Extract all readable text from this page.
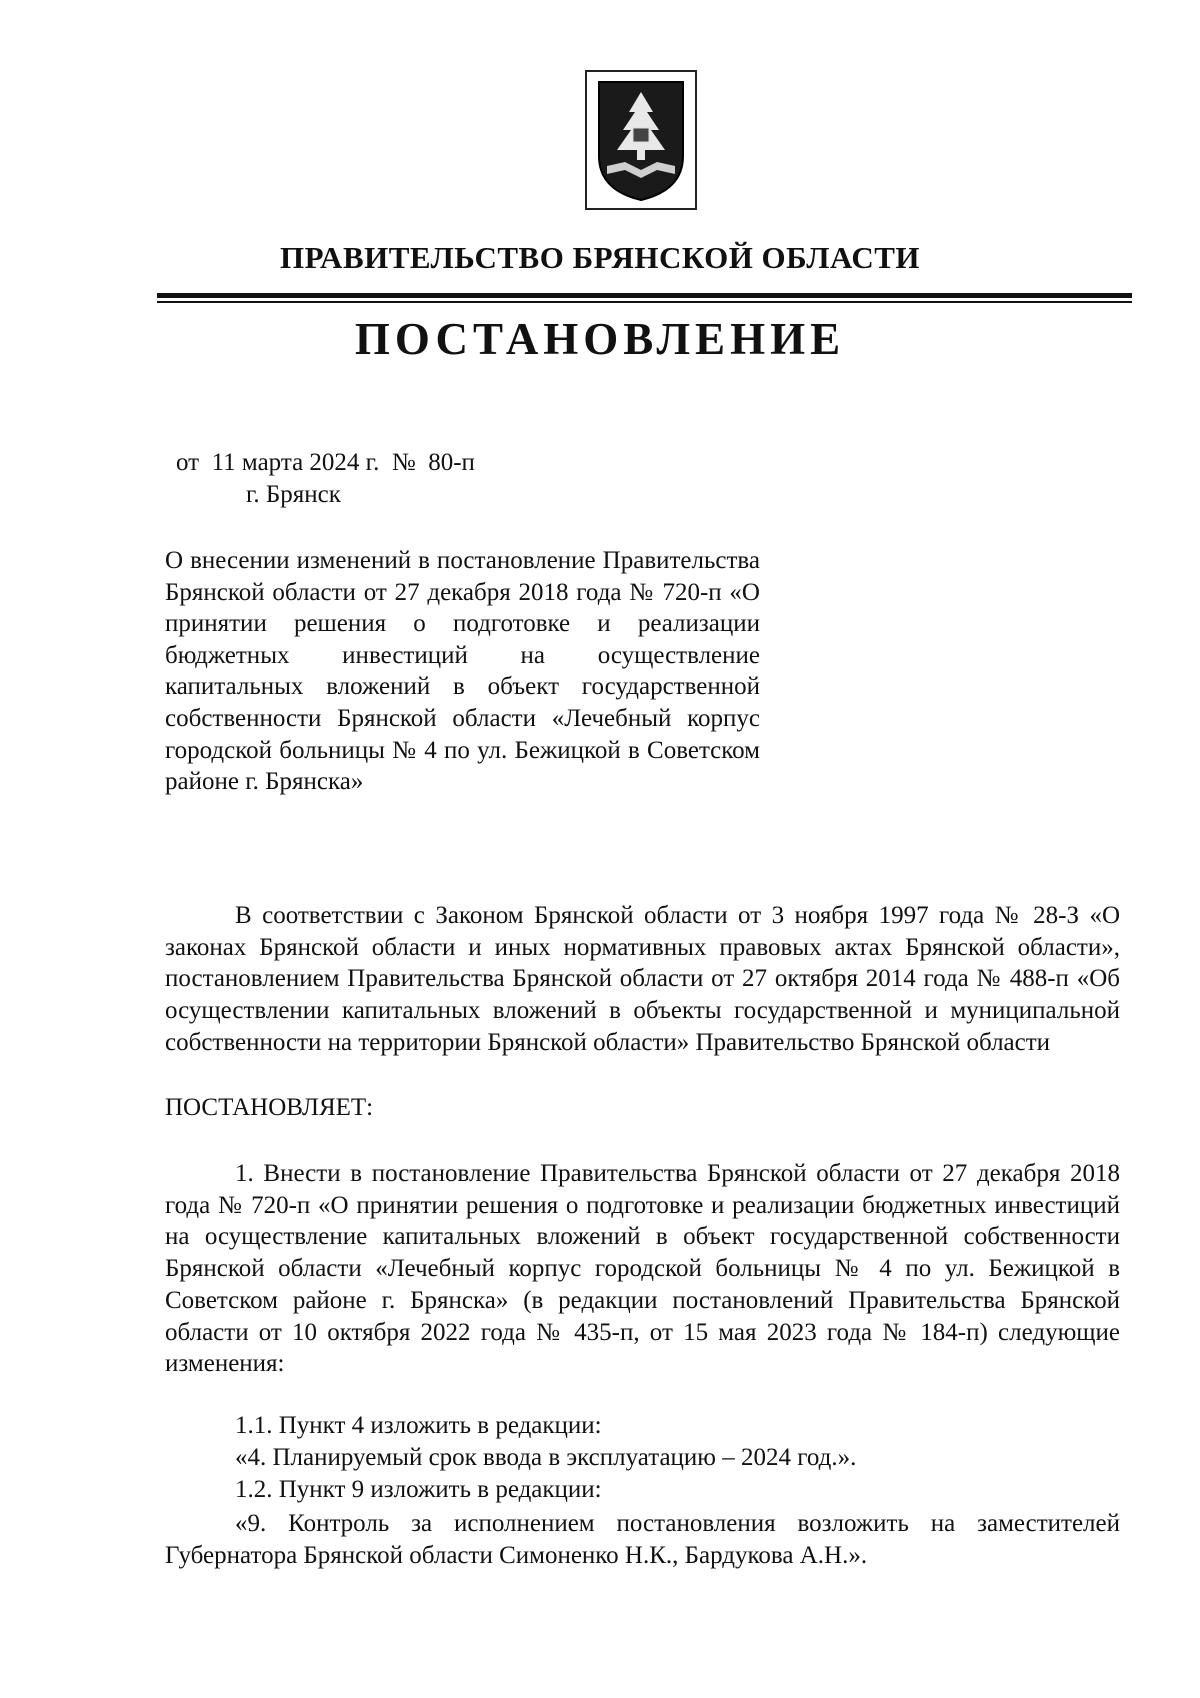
ПРАВИТЕЛЬСТВО БРЯНСКОЙ ОБЛАСТИ
ПОСТАНОВЛЕНИЕ
от  11 марта 2024 г.  №  80-п
г. Брянск
О внесении изменений в постановление Правительства Брянской области от 27 декабря 2018 года № 720-п «О принятии решения о подготовке и реализации бюджетных инвестиций на осуществление капитальных вложений в объект государственной собственности Брянской области «Лечебный корпус городской больницы № 4 по ул. Бежицкой в Советском районе г. Брянска»
В соответствии с Законом Брянской области от 3 ноября 1997 года № 28-З «О законах Брянской области и иных нормативных правовых актах Брянской области», постановлением Правительства Брянской области от 27 октября 2014 года № 488-п «Об осуществлении капитальных вложений в объекты государственной и муниципальной собственности на территории Брянской области» Правительство Брянской области
ПОСТАНОВЛЯЕТ:
1. Внести в постановление Правительства Брянской области от 27 декабря 2018 года № 720-п «О принятии решения о подготовке и реализации бюджетных инвестиций на осуществление капитальных вложений в объект государственной собственности Брянской области «Лечебный корпус городской больницы № 4 по ул. Бежицкой в Советском районе г. Брянска» (в редакции постановлений Правительства Брянской области от 10 октября 2022 года № 435-п, от 15 мая 2023 года № 184-п) следующие изменения:
1.1. Пункт 4 изложить в редакции:
«4. Планируемый срок ввода в эксплуатацию – 2024 год.».
1.2. Пункт 9 изложить в редакции:
«9. Контроль за исполнением постановления возложить на заместителей Губернатора Брянской области Симоненко Н.К., Бардукова А.Н.».
